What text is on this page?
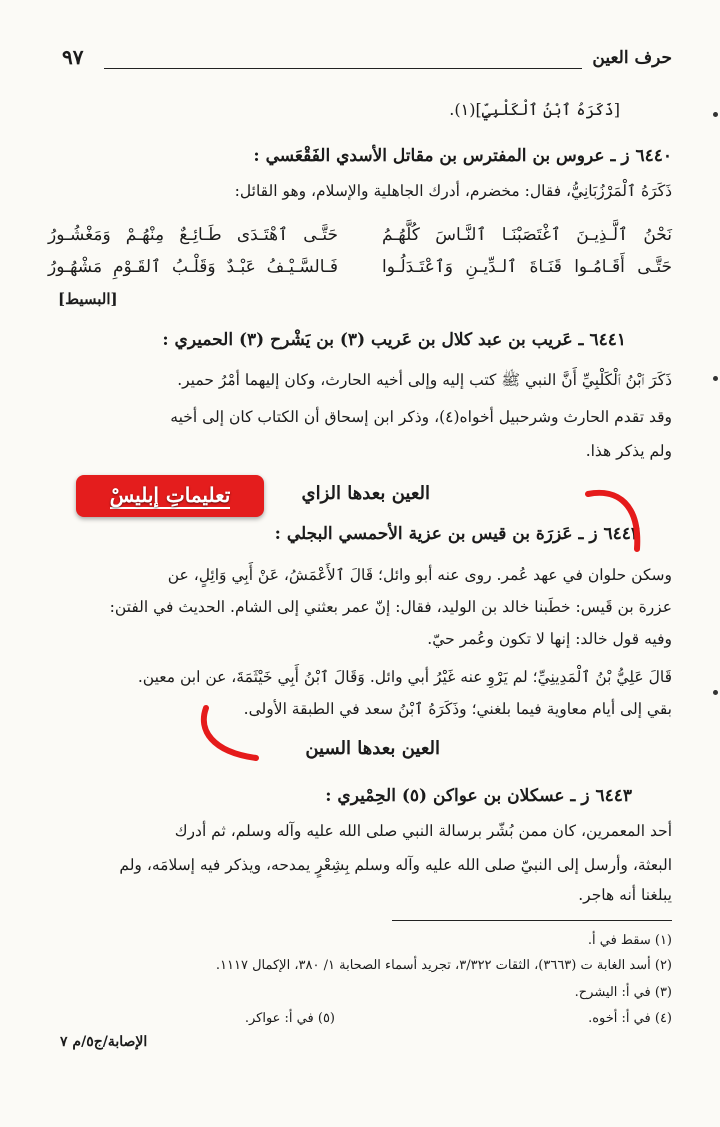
حرف العين
٩٧
[ذَكَرَهُ ٱبْنُ ٱلْكَلْبِيِّ](١).
٦٤٤٠ ز ـ عروس بن المفترس بن مقاتل الأسدي الفَقْعَسي :
ذَكَرَهُ ٱلْمَرْزُبَانِيُّ، فقال: مخضرم، أدرك الجاهلية والإسلام، وهو القائل:
نَحْنُ ٱلَّـذِيـنَ ٱغْتَصَبْنَـا ٱلنَّـاسَ كُلَّهُـمُ
حَتَّـى ٱهْتَـدَى طَـائِـعٌ مِنْهُـمْ وَمَغْشُـورُ
حَتَّـى أَقَـامُـوا قَنَـاةَ ٱلـدِّيـنِ وَٱعْتَـدَلُـوا
فَـالسَّـيْـفُ عَبْـدٌ وَقَلْـبُ ٱلقَـوْمِ مَشْهُـورُ
[البسيط]
٦٤٤١ ـ عَريب بن عبد كلال بن عَريب (٣) بن يَشْرح (٣) الحميري :
ذَكَرَ ٱبْنُ ٱلْكَلْبِيِّ أَنَّ النبي ﷺ كتب إليه وإلى أخيه الحارث، وكان إليهما أمْرُ حمير.
وقد تقدم الحارث وشرحبيل أخواه(٤)، وذكر ابن إسحاق أن الكتاب كان إلى أخيه
ولم يذكر هذا.
العين بعدها الزاي
تعليماتِ إبليسْ
٦٤٤٢ ز ـ عَزرَة بن قيس بن عزية الأحمسي البجلي :
وسكن حلوان في عهد عُمر. روى عنه أبو وائل؛ قَالَ ٱلأَعْمَشُ، عَنْ أَبِي وَائِلٍ، عن
عزرة بن قَيس: خطَبنا خالد بن الوليد، فقال: إنّ عمر بعثني إلى الشام. الحديث في الفتن:
وفيه قول خالد: إنها لا تكون وعُمر حيّ.
قَالَ عَلِيُّ بْنُ ٱلْمَدِينِيِّ؛ لم يَرْوِ عنه غَيْرُ أبي وائل. وَقَالَ ٱبْنُ أَبِي خَيْثَمَةَ، عن ابن معين.
بقي إلى أيام معاوية فيما بلغني؛ وذَكَرَهُ ٱبْنُ سعد في الطبقة الأولى.
العين بعدها السين
٦٤٤٣ ز ـ عسكلان بن عواكن (٥) الحِمْيري :
أحد المعمرين، كان ممن بُشّر برسالة النبي صلى الله عليه وآله وسلم، ثم أدرك
البعثة، وأرسل إلى النبيّ صلى الله عليه وآله وسلم بِشِعْرٍ يمدحه، ويذكر فيه إسلامَه، ولم
يبلغنا أنه هاجر.
(١) سقط في أ.
(٢) أسد الغابة ت (٣٦٦٣)، الثقات ٣/٣٢٢، تجريد أسماء الصحابة ١/ ٣٨٠، الإكمال ١١١٧.
(٣) في أ: اليشرح.
(٤) في أ: أخوه.
(٥) في أ: عواكر.
الإصابة/ج٥/م ٧
